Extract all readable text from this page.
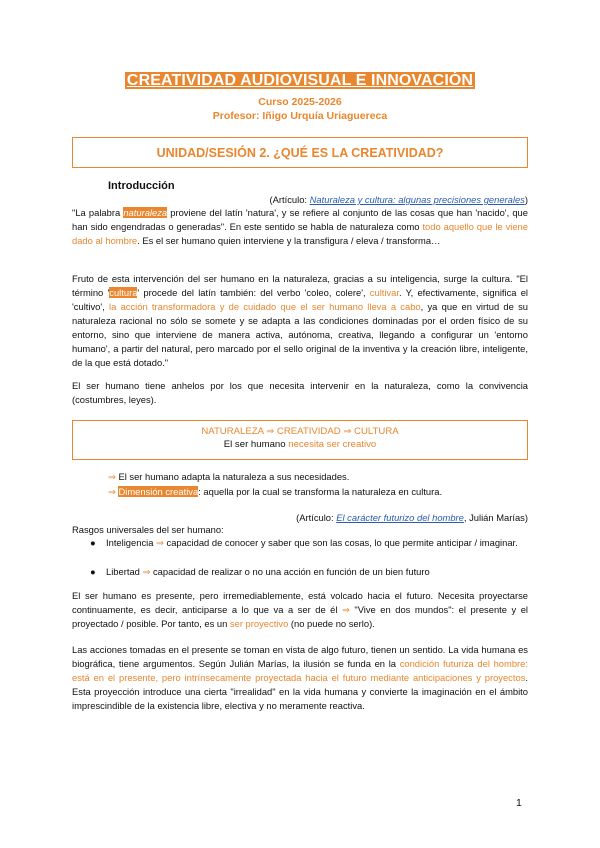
CREATIVIDAD AUDIOVISUAL E INNOVACIÓN
Curso 2025-2026
Profesor: Iñigo Urquía Uriaguereca
UNIDAD/SESIÓN 2. ¿QUÉ ES LA CREATIVIDAD?
Introducción
(Artículo: Naturaleza y cultura: algunas precisiones generales)
"La palabra naturaleza proviene del latín 'natura', y se refiere al conjunto de las cosas que han 'nacido', que han sido engendradas o generadas". En este sentido se habla de naturaleza como todo aquello que le viene dado al hombre. Es el ser humano quien interviene y la transfigura / eleva / transforma…
Fruto de esta intervención del ser humano en la naturaleza, gracias a su inteligencia, surge la cultura. "El término 'cultura' procede del latín también: del verbo 'coleo, colere', cultivar. Y, efectivamente, significa el 'cultivo', la acción transformadora y de cuidado que el ser humano lleva a cabo, ya que en virtud de su naturaleza racional no sólo se somete y se adapta a las condiciones dominadas por el orden físico de su entorno, sino que interviene de manera activa, autónoma, creativa, llegando a configurar un 'entorno humano', a partir del natural, pero marcado por el sello original de la inventiva y la creación libre, inteligente, de la que está dotado."
El ser humano tiene anhelos por los que necesita intervenir en la naturaleza, como la convivencia (costumbres, leyes).
NATURALEZA ⇒ CREATIVIDAD ⇒ CULTURA
El ser humano necesita ser creativo
⇒ El ser humano adapta la naturaleza a sus necesidades.
⇒ Dimensión creativa: aquella por la cual se transforma la naturaleza en cultura.
(Artículo: El carácter futurizo del hombre, Julián Marías)
Rasgos universales del ser humano:
● Inteligencia ⇒ capacidad de conocer y saber que son las cosas, lo que permite anticipar / imaginar.
● Libertad ⇒ capacidad de realizar o no una acción en función de un bien futuro
El ser humano es presente, pero irremediablemente, está volcado hacia el futuro. Necesita proyectarse continuamente, es decir, anticiparse a lo que va a ser de él ⇒ "Vive en dos mundos": el presente y el proyectado / posible. Por tanto, es un ser proyectivo (no puede no serlo).
Las acciones tomadas en el presente se toman en vista de algo futuro, tienen un sentido. La vida humana es biográfica, tiene argumentos. Según Julián Marías, la ilusión se funda en la condición futuriza del hombre: está en el presente, pero intrínsecamente proyectada hacia el futuro mediante anticipaciones y proyectos. Esta proyección introduce una cierta "irrealidad" en la vida humana y convierte la imaginación en el ámbito imprescindible de la existencia libre, electiva y no meramente reactiva.
1
